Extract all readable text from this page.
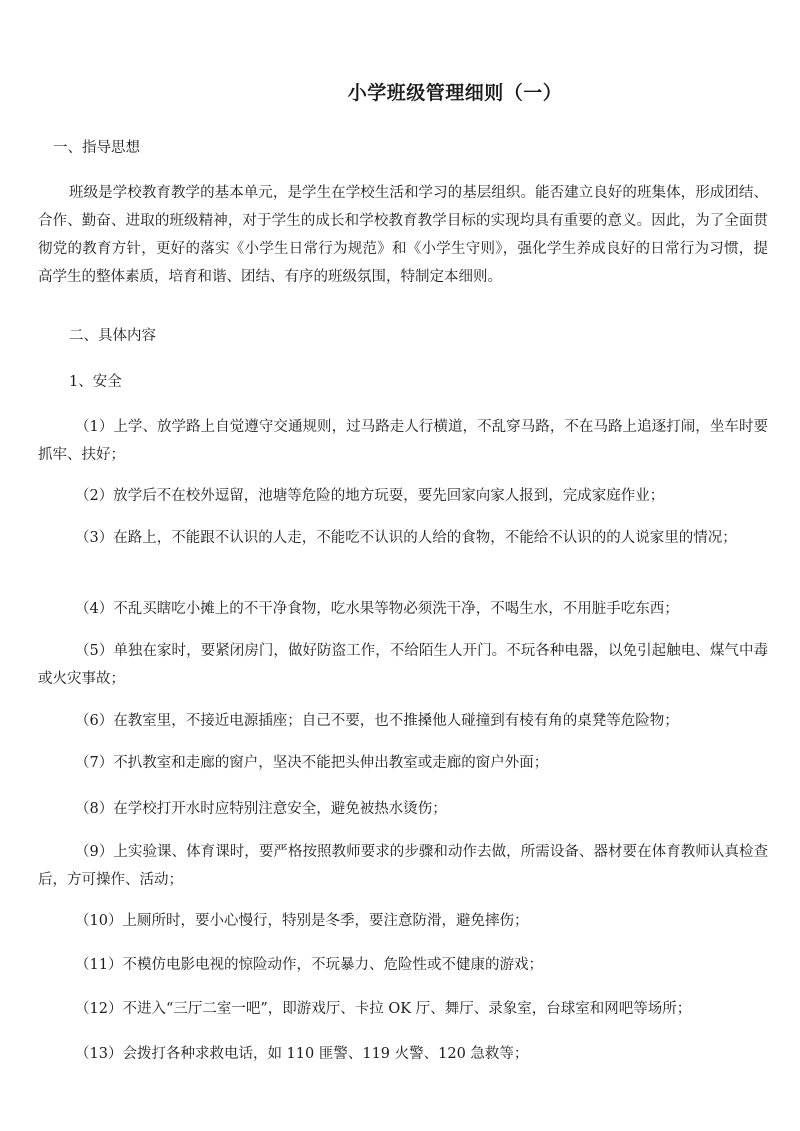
小学班级管理细则（一）

一、指导思想

班级是学校教育教学的基本单元，是学生在学校生活和学习的基层组织。能否建立良好的班集体，形成团结、合作、勤奋、进取的班级精神，对于学生的成长和学校教育教学目标的实现均具有重要的意义。因此，为了全面贯彻党的教育方针，更好的落实《小学生日常行为规范》和《小学生守则》，强化学生养成良好的日常行为习惯，提高学生的整体素质，培育和谐、团结、有序的班级氛围，特制定本细则。

二、具体内容

1、安全

（1）上学、放学路上自觉遵守交通规则，过马路走人行横道，不乱穿马路，不在马路上追逐打闹，坐车时要抓牢、扶好；

（2）放学后不在校外逗留，池塘等危险的地方玩耍，要先回家向家人报到，完成家庭作业；

（3）在路上，不能跟不认识的人走，不能吃不认识的人给的食物，不能给不认识的的人说家里的情况；

（4）不乱买瞎吃小摊上的不干净食物，吃水果等物必须洗干净，不喝生水，不用脏手吃东西；

（5）单独在家时，要紧闭房门，做好防盗工作，不给陌生人开门。不玩各种电器，以免引起触电、煤气中毒或火灾事故；

（6）在教室里，不接近电源插座；自己不要，也不推搡他人碰撞到有棱有角的桌凳等危险物；

（7）不扒教室和走廊的窗户，坚决不能把头伸出教室或走廊的窗户外面；

（8）在学校打开水时应特别注意安全，避免被热水烫伤；

（9）上实验课、体育课时，要严格按照教师要求的步骤和动作去做，所需设备、器材要在体育教师认真检查后，方可操作、活动；

（10）上厕所时，要小心慢行，特别是冬季，要注意防滑，避免摔伤；

（11）不模仿电影电视的惊险动作，不玩暴力、危险性或不健康的游戏；

（12）不进入“三厅二室一吧”，即游戏厅、卡拉 OK 厅、舞厅、录象室，台球室和网吧等场所；

（13）会拨打各种求救电话，如 110 匪警、119 火警、120 急救等；
